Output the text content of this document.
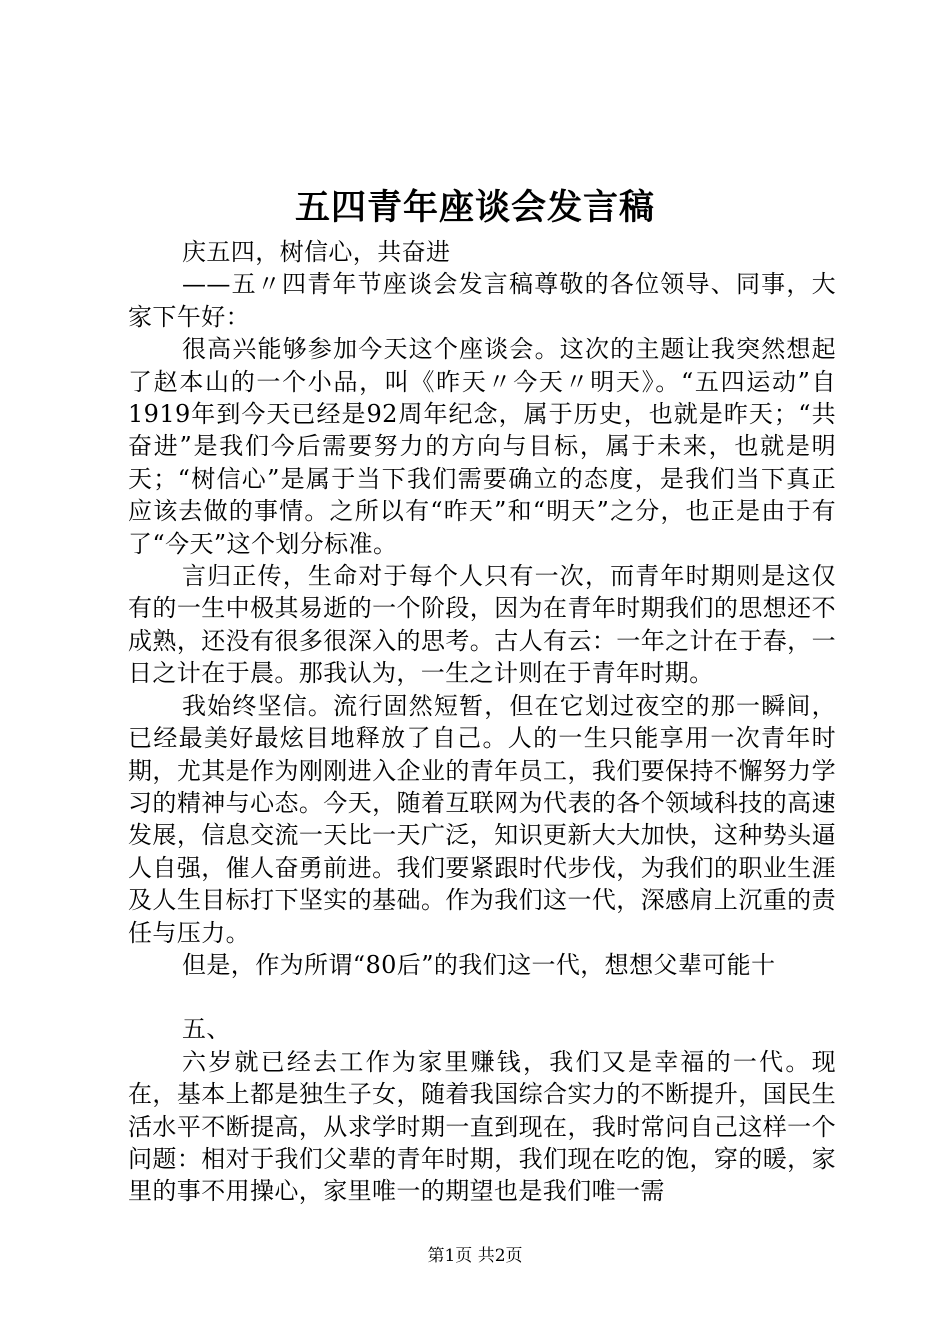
五四青年座谈会发言稿

庆五四，树信心，共奋进

——五〃四青年节座谈会发言稿尊敬的各位领导、同事，大家下午好：

很高兴能够参加今天这个座谈会。这次的主题让我突然想起了赵本山的一个小品，叫《昨天〃今天〃明天》。“五四运动”自1919年到今天已经是92周年纪念，属于历史，也就是昨天；“共奋进”是我们今后需要努力的方向与目标，属于未来，也就是明天；“树信心”是属于当下我们需要确立的态度，是我们当下真正应该去做的事情。之所以有“昨天”和“明天”之分，也正是由于有了“今天”这个划分标准。

言归正传，生命对于每个人只有一次，而青年时期则是这仅有的一生中极其易逝的一个阶段，因为在青年时期我们的思想还不成熟，还没有很多很深入的思考。古人有云：一年之计在于春，一日之计在于晨。那我认为，一生之计则在于青年时期。

我始终坚信。流行固然短暂，但在它划过夜空的那一瞬间，已经最美好最炫目地释放了自己。人的一生只能享用一次青年时期，尤其是作为刚刚进入企业的青年员工，我们要保持不懈努力学习的精神与心态。今天，随着互联网为代表的各个领域科技的高速发展，信息交流一天比一天广泛，知识更新大大加快，这种势头逼人自强，催人奋勇前进。我们要紧跟时代步伐，为我们的职业生涯及人生目标打下坚实的基础。作为我们这一代，深感肩上沉重的责任与压力。

但是，作为所谓“80后”的我们这一代，想想父辈可能十

五、

六岁就已经去工作为家里赚钱，我们又是幸福的一代。现在，基本上都是独生子女，随着我国综合实力的不断提升，国民生活水平不断提高，从求学时期一直到现在，我时常问自己这样一个问题：相对于我们父辈的青年时期，我们现在吃的饱，穿的暖，家里的事不用操心，家里唯一的期望也是我们唯一需

第1页 共2页
